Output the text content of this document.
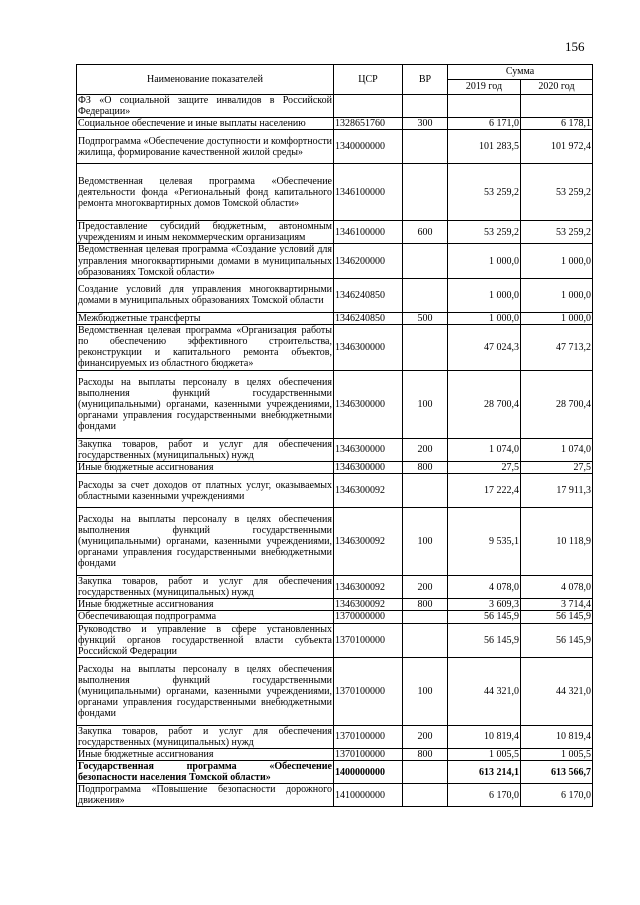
156
Наименование показателей	ЦСР	ВР	Сумма	
			2019 год	2020 год
ФЗ «О социальной защите инвалидов в Российской Федерации»				
Социальное обеспечение и иные выплаты населению	1328651760	300	6 171,0	6 178,1
Подпрограмма «Обеспечение доступности и комфортности жилища, формирование качественной жилой среды»	1340000000		101 283,5	101 972,4
Ведомственная целевая программа «Обеспечение деятельности фонда «Региональный фонд капитального ремонта многоквартирных домов Томской области»	1346100000		53 259,2	53 259,2
Предоставление субсидий бюджетным, автономным учреждениям и иным некоммерческим организациям	1346100000	600	53 259,2	53 259,2
Ведомственная целевая программа «Создание условий для управления многоквартирными домами в муниципальных образованиях Томской области»	1346200000		1 000,0	1 000,0
Создание условий для управления многоквартирными домами в муниципальных образованиях Томской области	1346240850		1 000,0	1 000,0
Межбюджетные трансферты	1346240850	500	1 000,0	1 000,0
Ведомственная целевая программа «Организация работы по обеспечению эффективного строительства, реконструкции и капитального ремонта объектов, финансируемых из областного бюджета»	1346300000		47 024,3	47 713,2
Расходы на выплаты персоналу в целях обеспечения выполнения функций государственными (муниципальными) органами, казенными учреждениями, органами управления государственными внебюджетными фондами	1346300000	100	28 700,4	28 700,4
Закупка товаров, работ и услуг для обеспечения государственных (муниципальных) нужд	1346300000	200	1 074,0	1 074,0
Иные бюджетные ассигнования	1346300000	800	27,5	27,5
Расходы за счет доходов от платных услуг, оказываемых областными казенными учреждениями	1346300092		17 222,4	17 911,3
Расходы на выплаты персоналу в целях обеспечения выполнения функций государственными (муниципальными) органами, казенными учреждениями, органами управления государственными внебюджетными фондами	1346300092	100	9 535,1	10 118,9
Закупка товаров, работ и услуг для обеспечения государственных (муниципальных) нужд	1346300092	200	4 078,0	4 078,0
Иные бюджетные ассигнования	1346300092	800	3 609,3	3 714,4
Обеспечивающая подпрограмма	1370000000		56 145,9	56 145,9
Руководство и управление в сфере установленных функций органов государственной власти субъекта Российской Федерации	1370100000		56 145,9	56 145,9
Расходы на выплаты персоналу в целях обеспечения выполнения функций государственными (муниципальными) органами, казенными учреждениями, органами управления государственными внебюджетными фондами	1370100000	100	44 321,0	44 321,0
Закупка товаров, работ и услуг для обеспечения государственных (муниципальных) нужд	1370100000	200	10 819,4	10 819,4
Иные бюджетные ассигнования	1370100000	800	1 005,5	1 005,5
Государственная программа «Обеспечение безопасности населения Томской области»	1400000000		613 214,1	613 566,7
Подпрограмма «Повышение безопасности дорожного движения»	1410000000		6 170,0	6 170,0
